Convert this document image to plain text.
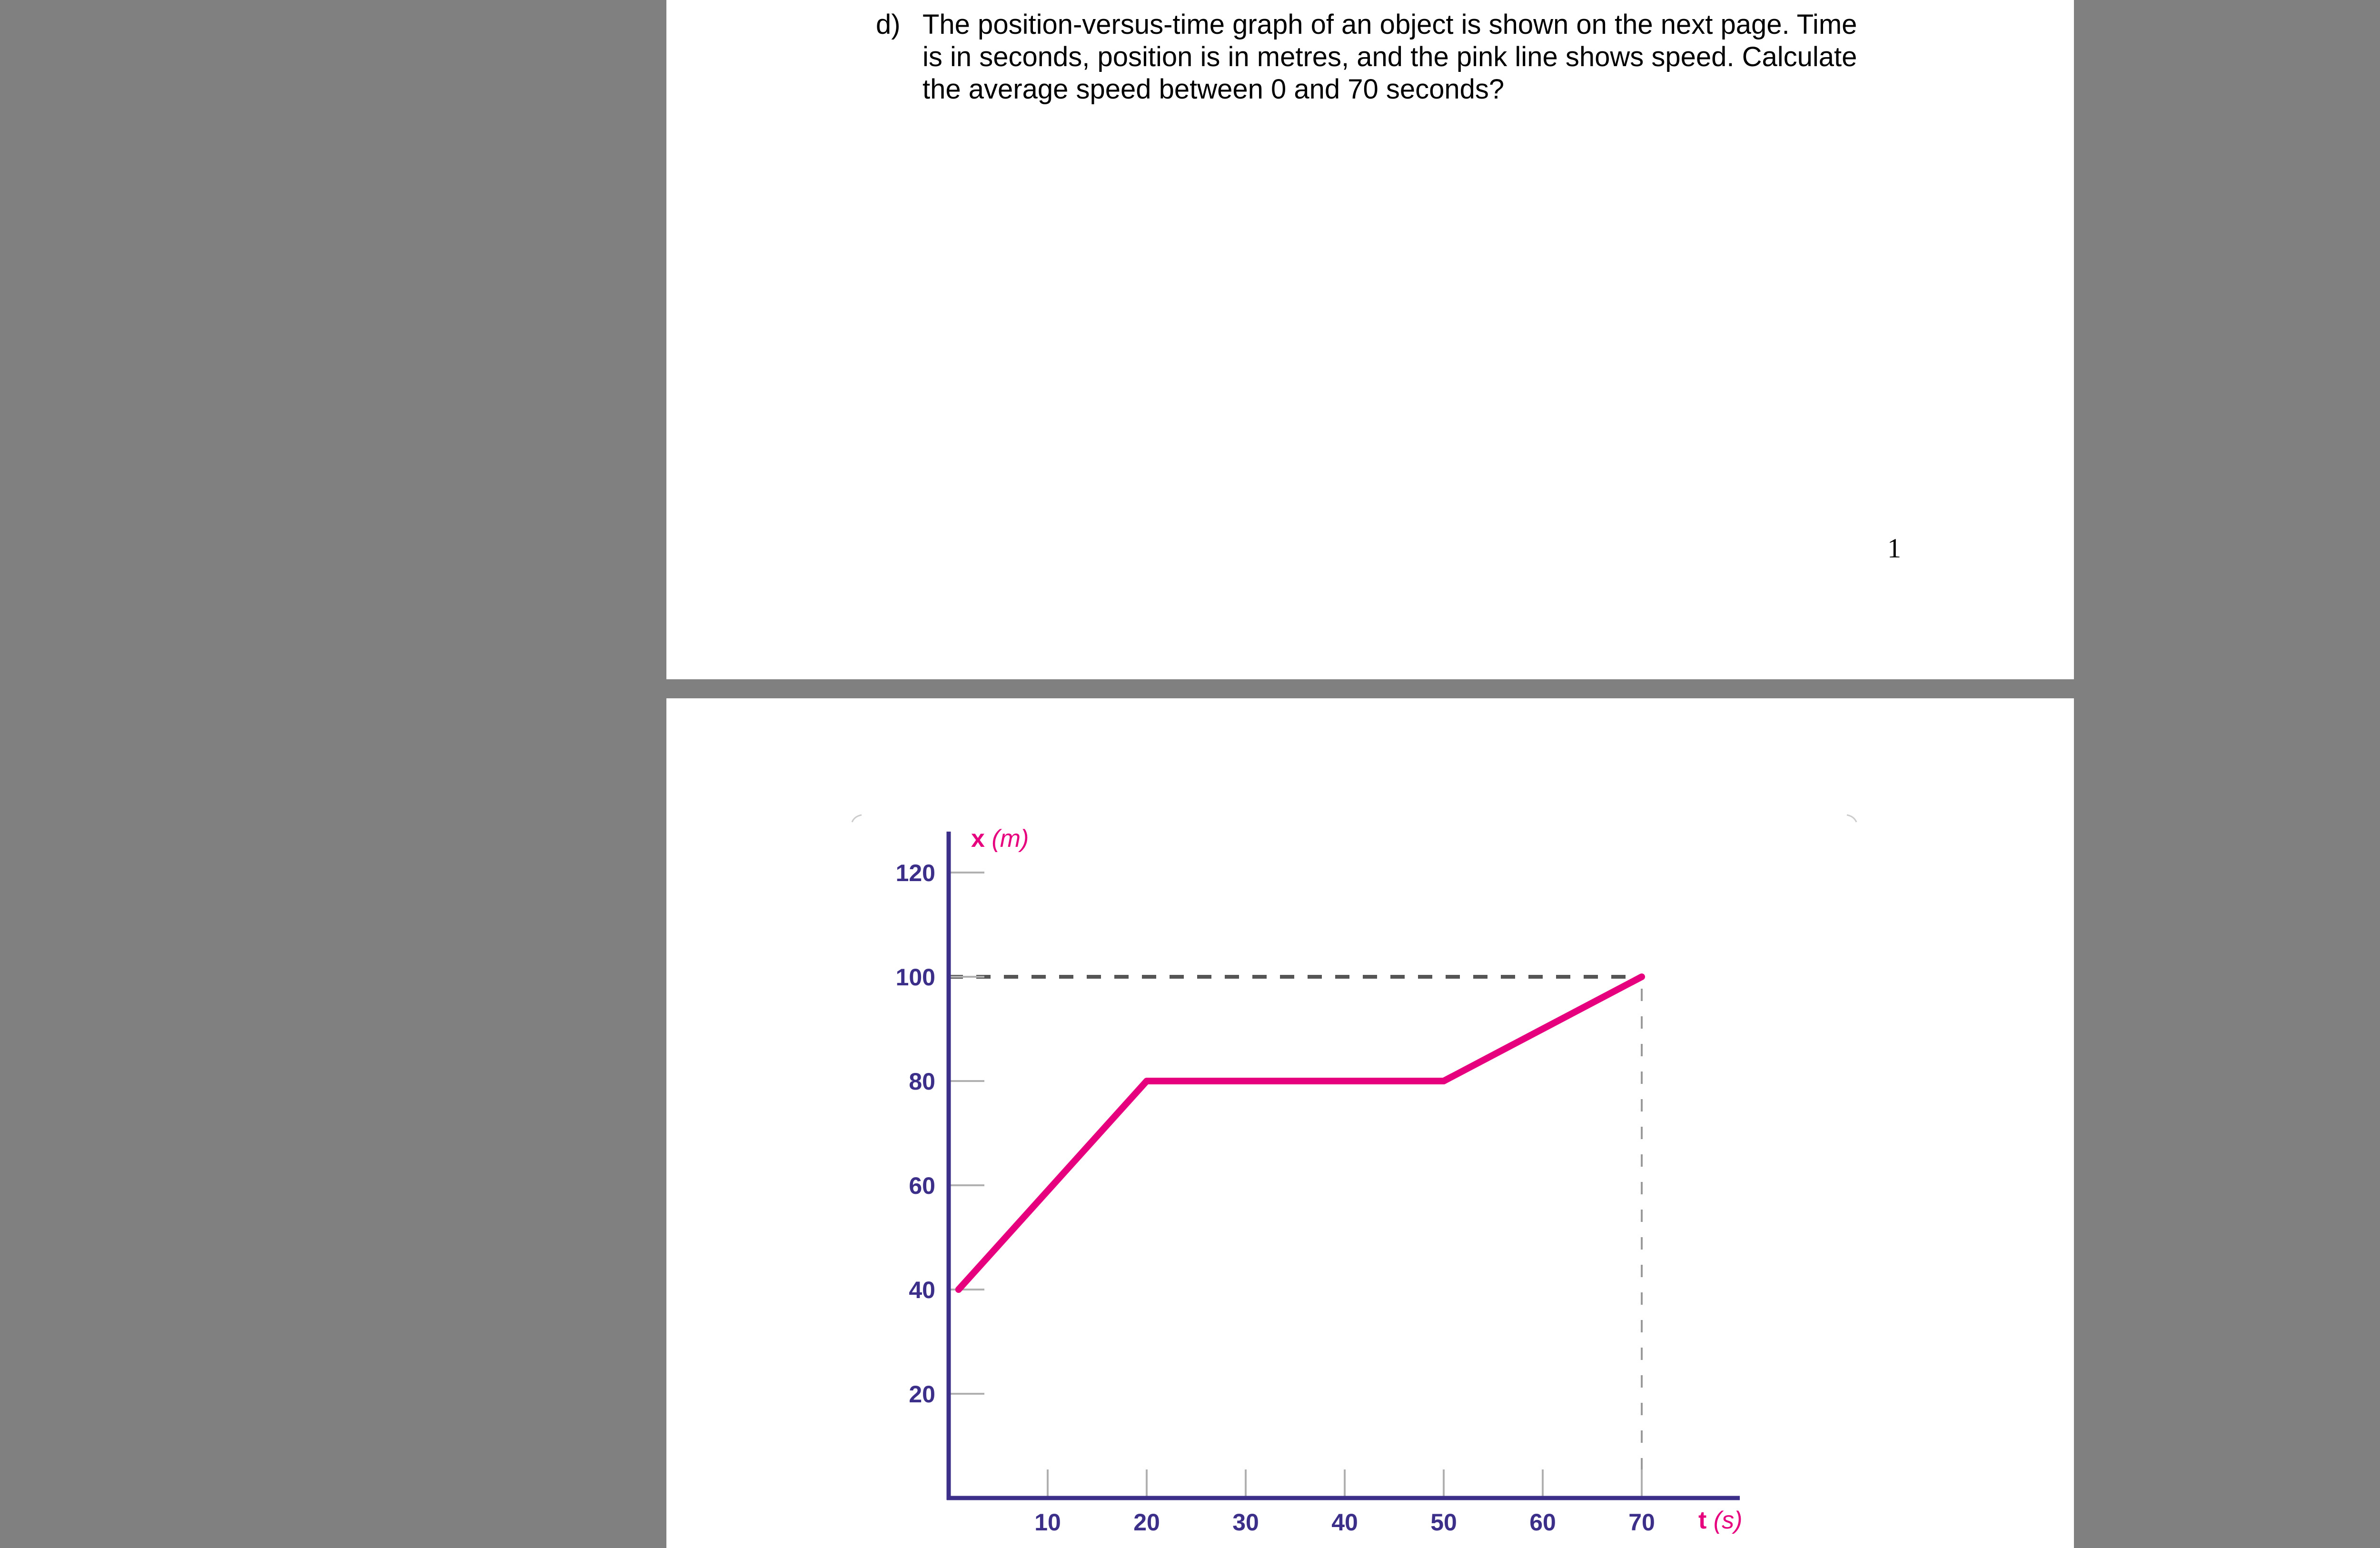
d) The position-versus-time graph of an object is shown on the next page. Time
is in seconds, position is in metres, and the pink line shows speed. Calculate
the average speed between 0 and 70 seconds?
1
20
40
60
80
100
120
10	20	30	40	50	60	70
x (m)
t (s)
